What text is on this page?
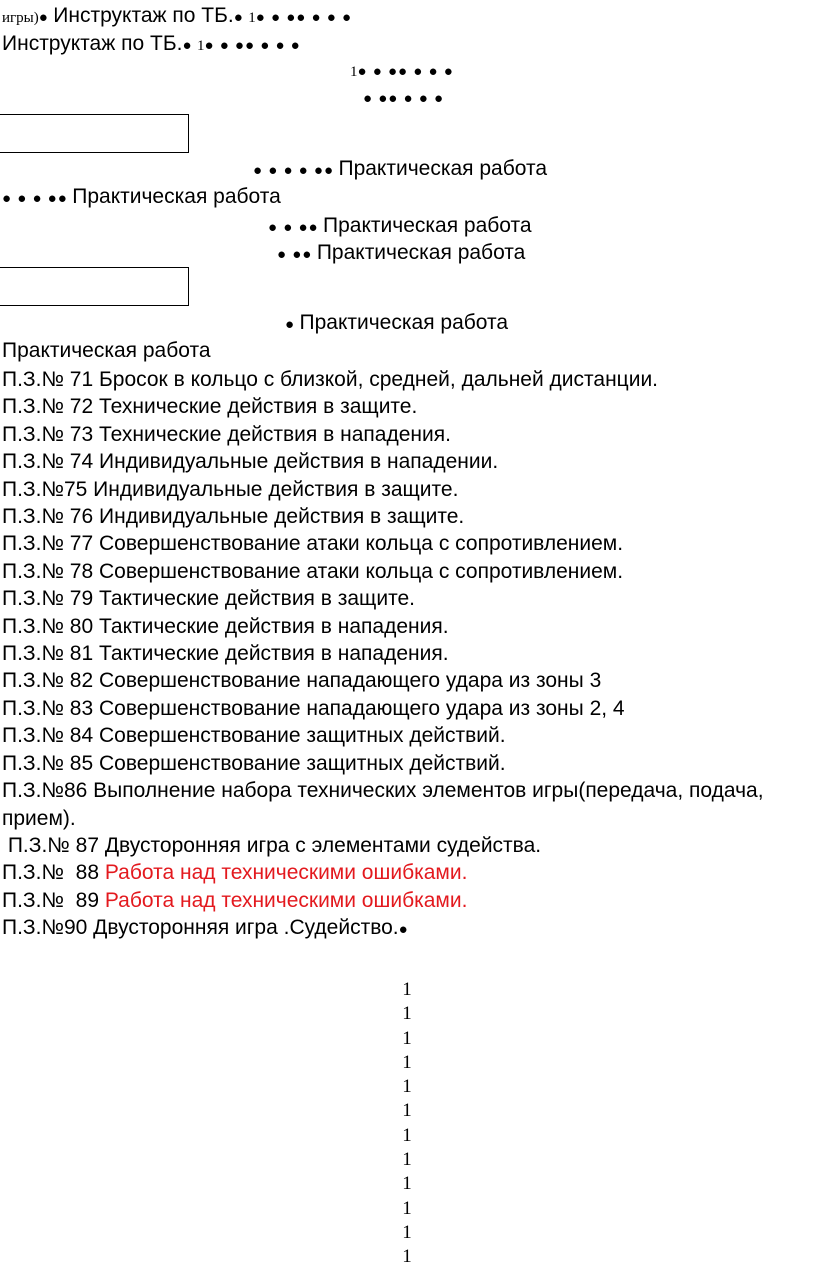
игры)● Инструктаж по ТБ.● 1● ● ●● ● ● ●
Инструктаж по ТБ.● 1● ● ●● ● ● ●
1● ● ●● ● ● ●
● ●● ● ● ●
● ● ● ● ●● Практическая работа
● ● ● ●● Практическая работа
● ● ●● Практическая работа
● ●● Практическая работа
● Практическая работа
Практическая работа
П.З.№ 71 Бросок в кольцо с близкой, средней, дальней дистанции.
П.З.№ 72 Технические действия в защите.
П.З.№ 73 Технические действия в нападения.
П.З.№ 74 Индивидуальные действия в нападении.
П.З.№75 Индивидуальные действия в защите.
П.З.№ 76 Индивидуальные действия в защите.
П.З.№ 77 Совершенствование атаки кольца с сопротивлением.
П.З.№ 78 Совершенствование атаки кольца с сопротивлением.
П.З.№ 79 Тактические действия в защите.
П.З.№ 80 Тактические действия в нападения.
П.З.№ 81 Тактические действия в нападения.
П.З.№ 82 Совершенствование нападающего удара из зоны 3
П.З.№ 83 Совершенствование нападающего удара из зоны 2, 4
П.З.№ 84 Совершенствование защитных действий.
П.З.№ 85 Совершенствование защитных действий.
П.З.№86 Выполнение набора технических элементов игры(передача, подача, прием).
П.З.№ 87 Двусторонняя игра с элементами судейства.
П.З.№  88 Работа над техническими ошибками.
П.З.№  89 Работа над техническими ошибками.
П.З.№90 Двусторонняя игра .Судейство.●
1
1
1
1
1
1
1
1
1
1
1
1
